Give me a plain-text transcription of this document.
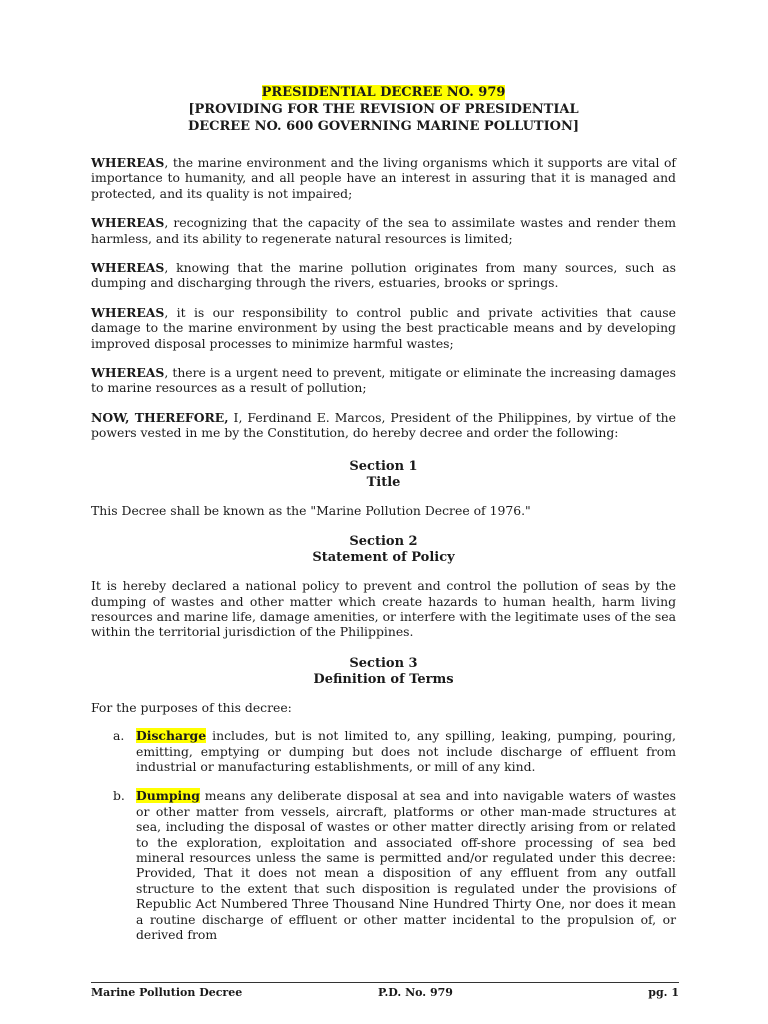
PRESIDENTIAL DECREE NO. 979
[PROVIDING FOR THE REVISION OF PRESIDENTIAL
DECREE NO. 600 GOVERNING MARINE POLLUTION]

WHEREAS, the marine environment and the living organisms which it supports are vital of importance to humanity, and all people have an interest in assuring that it is managed and protected, and its quality is not impaired;

WHEREAS, recognizing that the capacity of the sea to assimilate wastes and render them harmless, and its ability to regenerate natural resources is limited;

WHEREAS, knowing that the marine pollution originates from many sources, such as dumping and discharging through the rivers, estuaries, brooks or springs.

WHEREAS, it is our responsibility to control public and private activities that cause damage to the marine environment by using the best practicable means and by developing improved disposal processes to minimize harmful wastes;

WHEREAS, there is a urgent need to prevent, mitigate or eliminate the increasing damages to marine resources as a result of pollution;

NOW, THEREFORE, I, Ferdinand E. Marcos, President of the Philippines, by virtue of the powers vested in me by the Constitution, do hereby decree and order the following:

Section 1
Title

This Decree shall be known as the "Marine Pollution Decree of 1976."

Section 2
Statement of Policy

It is hereby declared a national policy to prevent and control the pollution of seas by the dumping of wastes and other matter which create hazards to human health, harm living resources and marine life, damage amenities, or interfere with the legitimate uses of the sea within the territorial jurisdiction of the Philippines.

Section 3
Definition of Terms

For the purposes of this decree:

a. Discharge includes, but is not limited to, any spilling, leaking, pumping, pouring, emitting, emptying or dumping but does not include discharge of effluent from industrial or manufacturing establishments, or mill of any kind.

b. Dumping means any deliberate disposal at sea and into navigable waters of wastes or other matter from vessels, aircraft, platforms or other man-made structures at sea, including the disposal of wastes or other matter directly arising from or related to the exploration, exploitation and associated off-shore processing of sea bed mineral resources unless the same is permitted and/or regulated under this decree: Provided, That it does not mean a disposition of any effluent from any outfall structure to the extent that such disposition is regulated under the provisions of Republic Act Numbered Three Thousand Nine Hundred Thirty One, nor does it mean a routine discharge of effluent or other matter incidental to the propulsion of, or derived from

Marine Pollution Decree	P.D. No. 979	pg. 1
